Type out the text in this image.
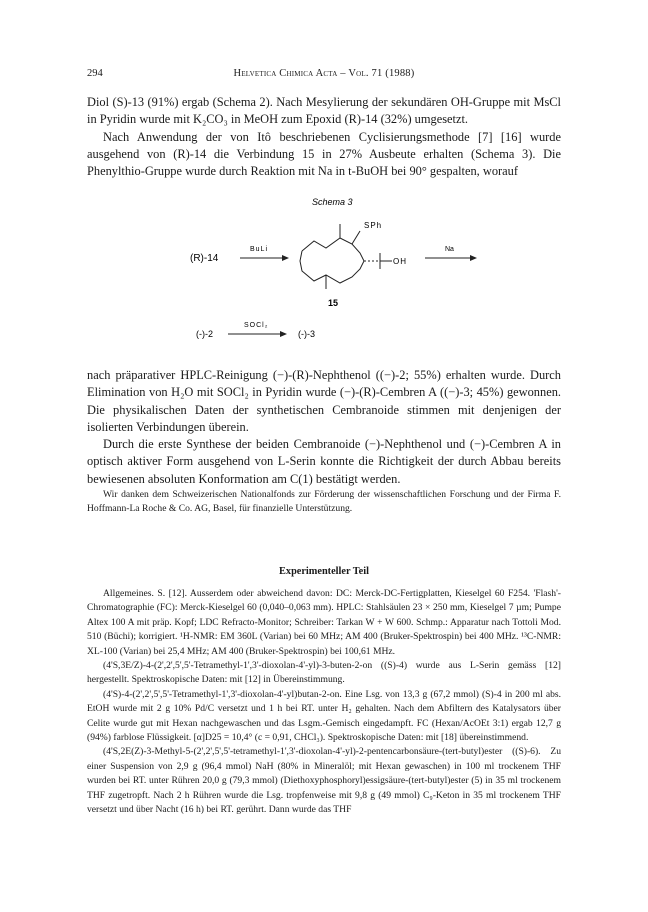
294	Helvetica Chimica Acta – Vol. 71 (1988)

Diol (S)-13 (91%) ergab (Schema 2). Nach Mesylierung der sekundären OH-Gruppe mit MsCl in Pyridin wurde mit K₂CO₃ in MeOH zum Epoxid (R)-14 (32%) umgesetzt.

Nach Anwendung der von Itô beschriebenen Cyclisierungsmethode [7] [16] wurde ausgehend von (R)-14 die Verbindung 15 in 27% Ausbeute erhalten (Schema 3). Die Phenylthio-Gruppe wurde durch Reaktion mit Na in t-BuOH bei 90° gespalten, worauf

Schema 3
(R)-14
BuLi
SPh
OH
Na
15
(-)-2
SOCl₂
(-)-3

nach präparativer HPLC-Reinigung (−)-(R)-Nephthenol ((−)-2; 55%) erhalten wurde. Durch Elimination von H₂O mit SOCl₂ in Pyridin wurde (−)-(R)-Cembren A ((−)-3; 45%) gewonnen. Die physikalischen Daten der synthetischen Cembranoide stimmen mit denjenigen der isolierten Verbindungen überein.

Durch die erste Synthese der beiden Cembranoide (−)-Nephthenol und (−)-Cembren A in optisch aktiver Form ausgehend von L-Serin konnte die Richtigkeit der durch Abbau bereits bewiesenen absoluten Konformation am C(1) bestätigt werden.

Wir danken dem Schweizerischen Nationalfonds zur Förderung der wissenschaftlichen Forschung und der Firma F. Hoffmann-La Roche & Co. AG, Basel, für finanzielle Unterstützung.
Experimenteller Teil

Allgemeines. S. [12]. Ausserdem oder abweichend davon: DC: Merck-DC-Fertigplatten, Kieselgel 60 F254. 'Flash'-Chromatographie (FC): Merck-Kieselgel 60 (0,040–0,063 mm). HPLC: Stahlsäulen 23 × 250 mm, Kieselgel 7 µm; Pumpe Altex 100 A mit präp. Kopf; LDC Refracto-Monitor; Schreiber: Tarkan W + W 600. Schmp.: Apparatur nach Tottoli Mod. 510 (Büchi); korrigiert. ¹H-NMR: EM 360L (Varian) bei 60 MHz; AM 400 (Bruker-Spektrospin) bei 400 MHz. ¹³C-NMR: XL-100 (Varian) bei 25,4 MHz; AM 400 (Bruker-Spektrospin) bei 100,61 MHz.

(4'S,3E/Z)-4-(2',2',5',5'-Tetramethyl-1',3'-dioxolan-4'-yl)-3-buten-2-on ((S)-4) wurde aus L-Serin gemäss [12] hergestellt. Spektroskopische Daten: mit [12] in Übereinstimmung.

(4'S)-4-(2',2',5',5'-Tetramethyl-1',3'-dioxolan-4'-yl)butan-2-on. Eine Lsg. von 13,3 g (67,2 mmol) (S)-4 in 200 ml abs. EtOH wurde mit 2 g 10% Pd/C versetzt und 1 h bei RT. unter H₂ gehalten. Nach dem Abfiltern des Katalysators über Celite wurde gut mit Hexan nachgewaschen und das Lsgm.-Gemisch eingedampft. FC (Hexan/AcOEt 3:1) ergab 12,7 g (94%) farblose Flüssigkeit. [α]D25 = 10,4° (c = 0,91, CHCl₃). Spektroskopische Daten: mit [18] übereinstimmend.

(4'S,2E(Z)-3-Methyl-5-(2',2',5',5'-tetramethyl-1',3'-dioxolan-4'-yl)-2-pentencarbonsäure-(tert-butyl)ester ((S)-6). Zu einer Suspension von 2,9 g (96,4 mmol) NaH (80% in Mineralöl; mit Hexan gewaschen) in 100 ml trockenem THF wurden bei RT. unter Rühren 20,0 g (79,3 mmol) (Diethoxyphosphoryl)essigsäure-(tert-butyl)ester (5) in 35 ml trockenem THF zugetropft. Nach 2 h Rühren wurde die Lsg. tropfenweise mit 9,8 g (49 mmol) C₉-Keton in 35 ml trockenem THF versetzt und über Nacht (16 h) bei RT. gerührt. Dann wurde das THF
